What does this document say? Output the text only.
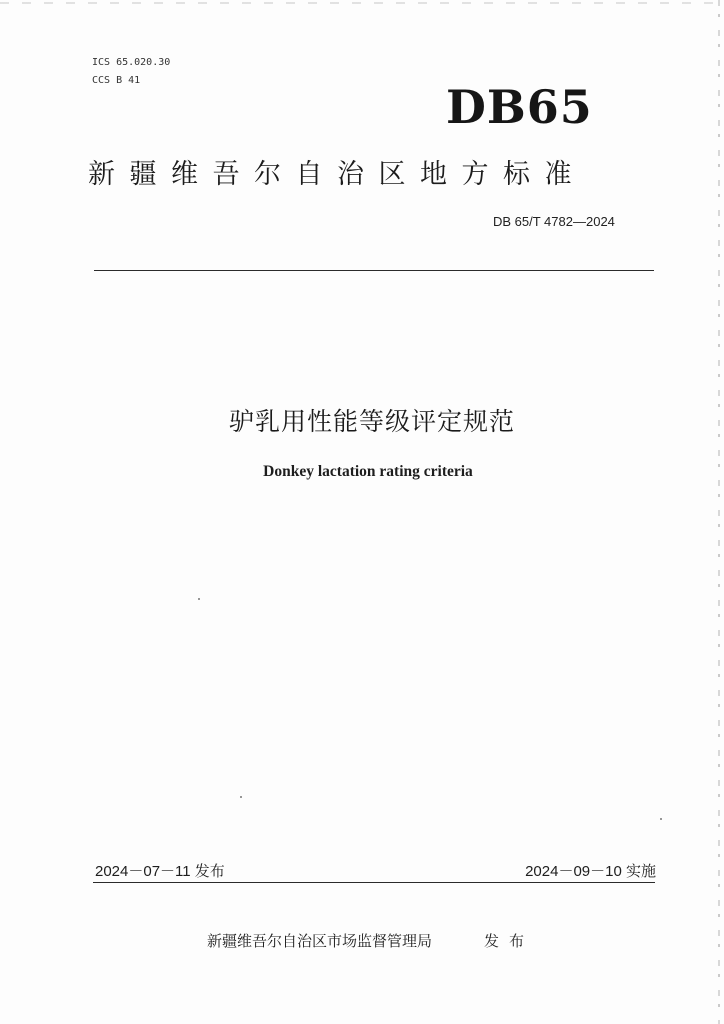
ICS 65.020.30
CCS B 41	DB65
新疆维吾尔自治区地方标准
DB 65/T 4782—2024
驴乳用性能等级评定规范
Donkey lactation rating criteria
2024－07－11 发布	2024－09－10 实施
新疆维吾尔自治区市场监督管理局	发布
